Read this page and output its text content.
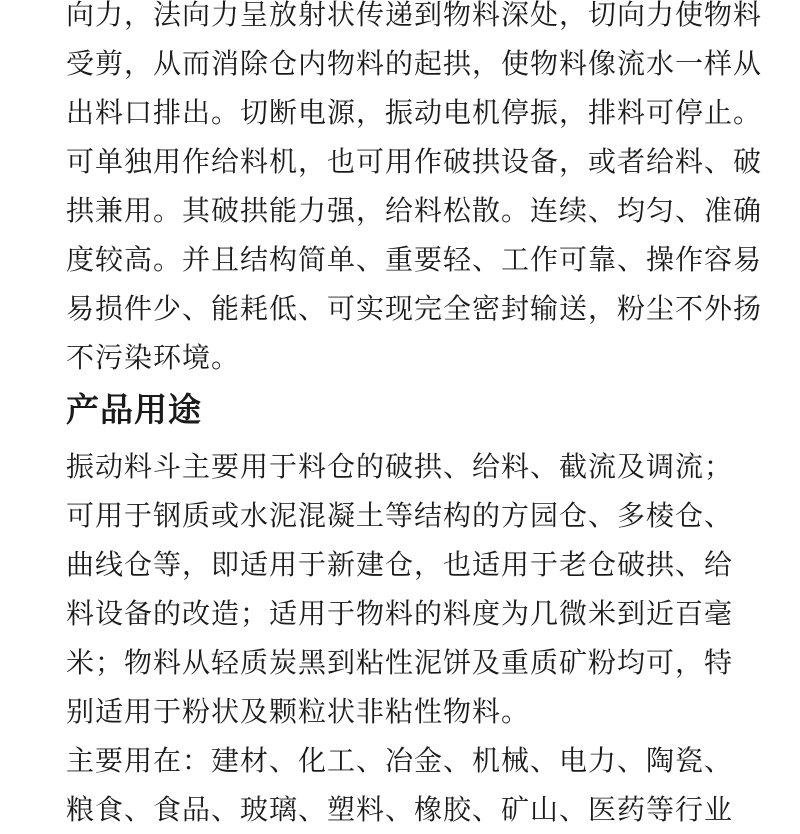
向力，法向力呈放射状传递到物料深处，切向力使物料
受剪，从而消除仓内物料的起拱，使物料像流水一样从
出料口排出。切断电源，振动电机停振，排料可停止。
可单独用作给料机，也可用作破拱设备，或者给料、破
拱兼用。其破拱能力强，给料松散。连续、均匀、准确
度较高。并且结构简单、重要轻、工作可靠、操作容易
易损件少、能耗低、可实现完全密封输送，粉尘不外扬
不污染环境。
产品用途
振动料斗主要用于料仓的破拱、给料、截流及调流；
可用于钢质或水泥混凝土等结构的方园仓、多棱仓、
曲线仓等，即适用于新建仓，也适用于老仓破拱、给
料设备的改造；适用于物料的料度为几微米到近百毫
米；物料从轻质炭黑到粘性泥饼及重质矿粉均可，特
别适用于粉状及颗粒状非粘性物料。
主要用在：建材、化工、冶金、机械、电力、陶瓷、
粮食、食品、玻璃、塑料、橡胶、矿山、医药等行业
